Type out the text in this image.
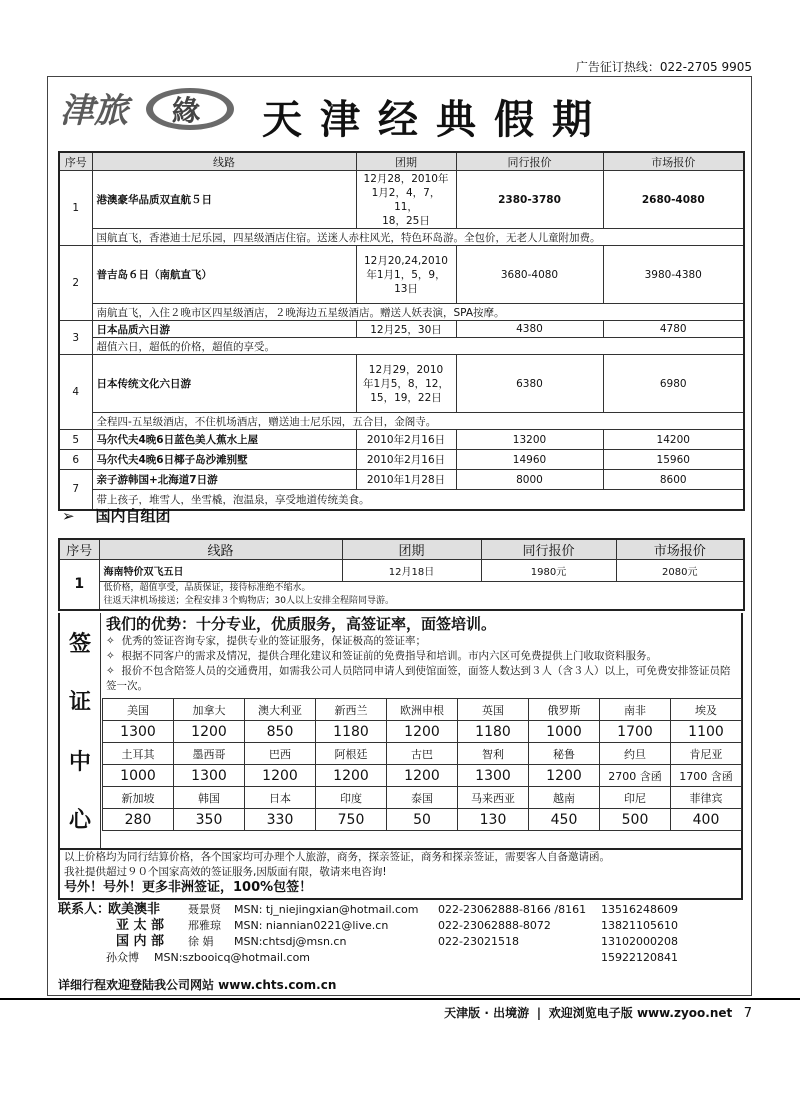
广告征订热线：022-2705 9905
津旅 緣 天津经典假期
序号	线路	团期	同行报价	市场报价
1	港澳豪华品质双直航５日	12月28，2010年
1月2，4，7，11，
18，25日	2380-3780	2680-4080
	国航直飞，香港迪士尼乐园，四星级酒店住宿。送迷人赤柱风光，特色环岛游。全包价，无老人儿童附加费。			
2	普吉岛６日（南航直飞）	12月20,24,2010
年1月1，5，9，
13日	3680-4080	3980-4380
	南航直飞，入住２晚市区四星级酒店，２晚海边五星级酒店。赠送人妖表演，SPA按摩。			
3	日本品质六日游	12月25，30日	4380	4780
	超值六日，超低的价格，超值的享受。			
4	日本传统文化六日游	12月29，2010
年1月5，8，12，
15，19，22日	6380	6980
	全程四-五星级酒店，不住机场酒店，赠送迪士尼乐园，五合目，金阁寺。			
5	马尔代夫4晚6日蓝色美人蕉水上屋	2010年2月16日	13200	14200
6	马尔代夫4晚6日椰子岛沙滩别墅	2010年2月16日	14960	15960
7	亲子游韩国+北海道7日游	2010年1月28日	8000	8600
	带上孩子，堆雪人，坐雪橇，泡温泉，享受地道传统美食。			
➢ 国内自组团
序号	线路	团期	同行报价	市场报价
1	海南特价双飞五日	12月18日	1980元	2080元

	低价格，超值享受，品质保证，接待标准绝不缩水。
往返天津机场接送；全程安排３个购物店；30人以上安排全程陪同导游。			
签
证
中
心
我们的优势：十分专业，优质服务，高签证率，面签培训。
✧ 优秀的签证咨询专家，提供专业的签证服务，保证极高的签证率；
✧ 根据不同客户的需求及情况，提供合理化建议和签证前的免费指导和培训。市内六区可免费提供上门收取资料服务。
✧ 报价不包含陪签人员的交通费用，如需我公司人员陪同申请人到使馆面签，面签人数达到３人（含３人）以上，可免费安排签证员陪签一次。
美国	加拿大	澳大利亚	新西兰	欧洲申根	英国	俄罗斯	南非	埃及
1300	1200	850	1180	1200	1180	1000	1700	1100
土耳其	墨西哥	巴西	阿根廷	古巴	智利	秘鲁	约旦	肯尼亚
1000	1300	1200	1200	1200	1300	1200	2700 含函	1700 含函
新加坡	韩国	日本	印度	泰国	马来西亚	越南	印尼	菲律宾
280	350	330	750	50	130	450	500	400
以上价格均为同行结算价格，各个国家均可办理个人旅游，商务，探亲签证，商务和探亲签证，需要客人自备邀请函。
我社提供超过９０个国家高效的签证服务,因版面有限，敬请来电咨询!
号外！号外！更多非洲签证，100%包签！
联系人：
欧美澳非	聂景贤 MSN: tj_niejingxian@hotmail.com 022-23062888-8166 /8161 13516248609
亚 太 部 邢雅琼 MSN: niannian0221@live.cn	022-23062888-8072	13821105610
国 内 部 徐 娟 MSN:chtsdj@msn.cn	022-23021518	13102000208
孙众博 MSN:szbooicq@hotmail.com	15922120841
详细行程欢迎登陆我公司网站 www.chts.com.cn
天津版 · 出境游 | 欢迎浏览电子版 www.zyoo.net 7
